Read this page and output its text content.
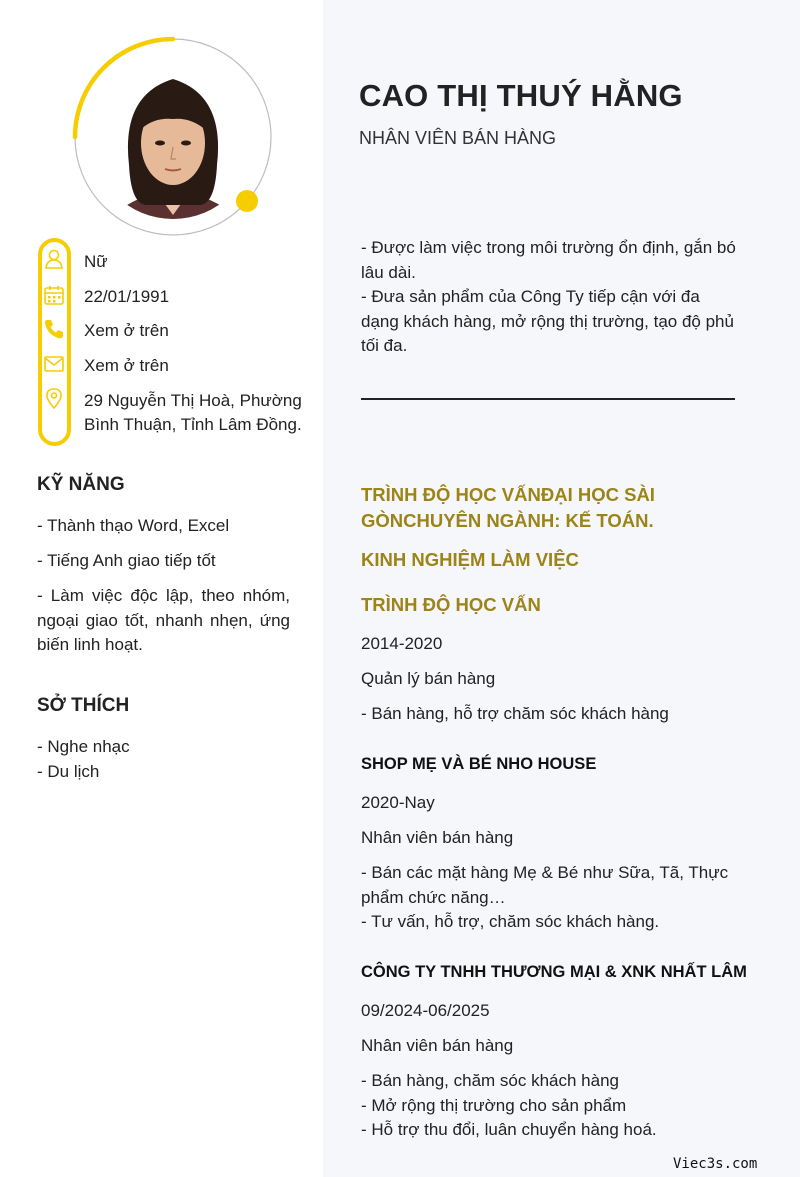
Nữ
22/01/1991
Xem ở trên
Xem ở trên
29 Nguyễn Thị Hoà, Phường
Bình Thuận, Tỉnh Lâm Đồng.
KỸ NĂNG
- Thành thạo Word, Excel
- Tiếng Anh giao tiếp tốt
- Làm việc độc lập, theo nhóm, ngoại giao tốt, nhanh nhẹn, ứng biến linh hoạt.
SỞ THÍCH
- Nghe nhạc
- Du lịch
CAO THỊ THUÝ HẰNG
NHÂN VIÊN BÁN HÀNG
- Được làm việc trong môi trường ổn định, gắn bó lâu dài.
- Đưa sản phẩm của Công Ty tiếp cận với đa dạng khách hàng, mở rộng thị trường, tạo độ phủ tối đa.
TRÌNH ĐỘ HỌC VẤNĐẠI HỌC SÀI GÒNCHUYÊN NGÀNH: KẾ TOÁN.
KINH NGHIỆM LÀM VIỆC
TRÌNH ĐỘ HỌC VẤN
2014-2020
Quản lý bán hàng
- Bán hàng, hỗ trợ chăm sóc khách hàng
SHOP MẸ VÀ BÉ NHO HOUSE
2020-Nay
Nhân viên bán hàng
- Bán các mặt hàng Mẹ & Bé như Sữa, Tã, Thực phẩm chức năng…
- Tư vấn, hỗ trợ, chăm sóc khách hàng.
CÔNG TY TNHH THƯƠNG MẠI & XNK NHẤT LÂM
09/2024-06/2025
Nhân viên bán hàng
- Bán hàng, chăm sóc khách hàng
- Mở rộng thị trường cho sản phẩm
- Hỗ trợ thu đổi, luân chuyển hàng hoá.
Viec3s.com
